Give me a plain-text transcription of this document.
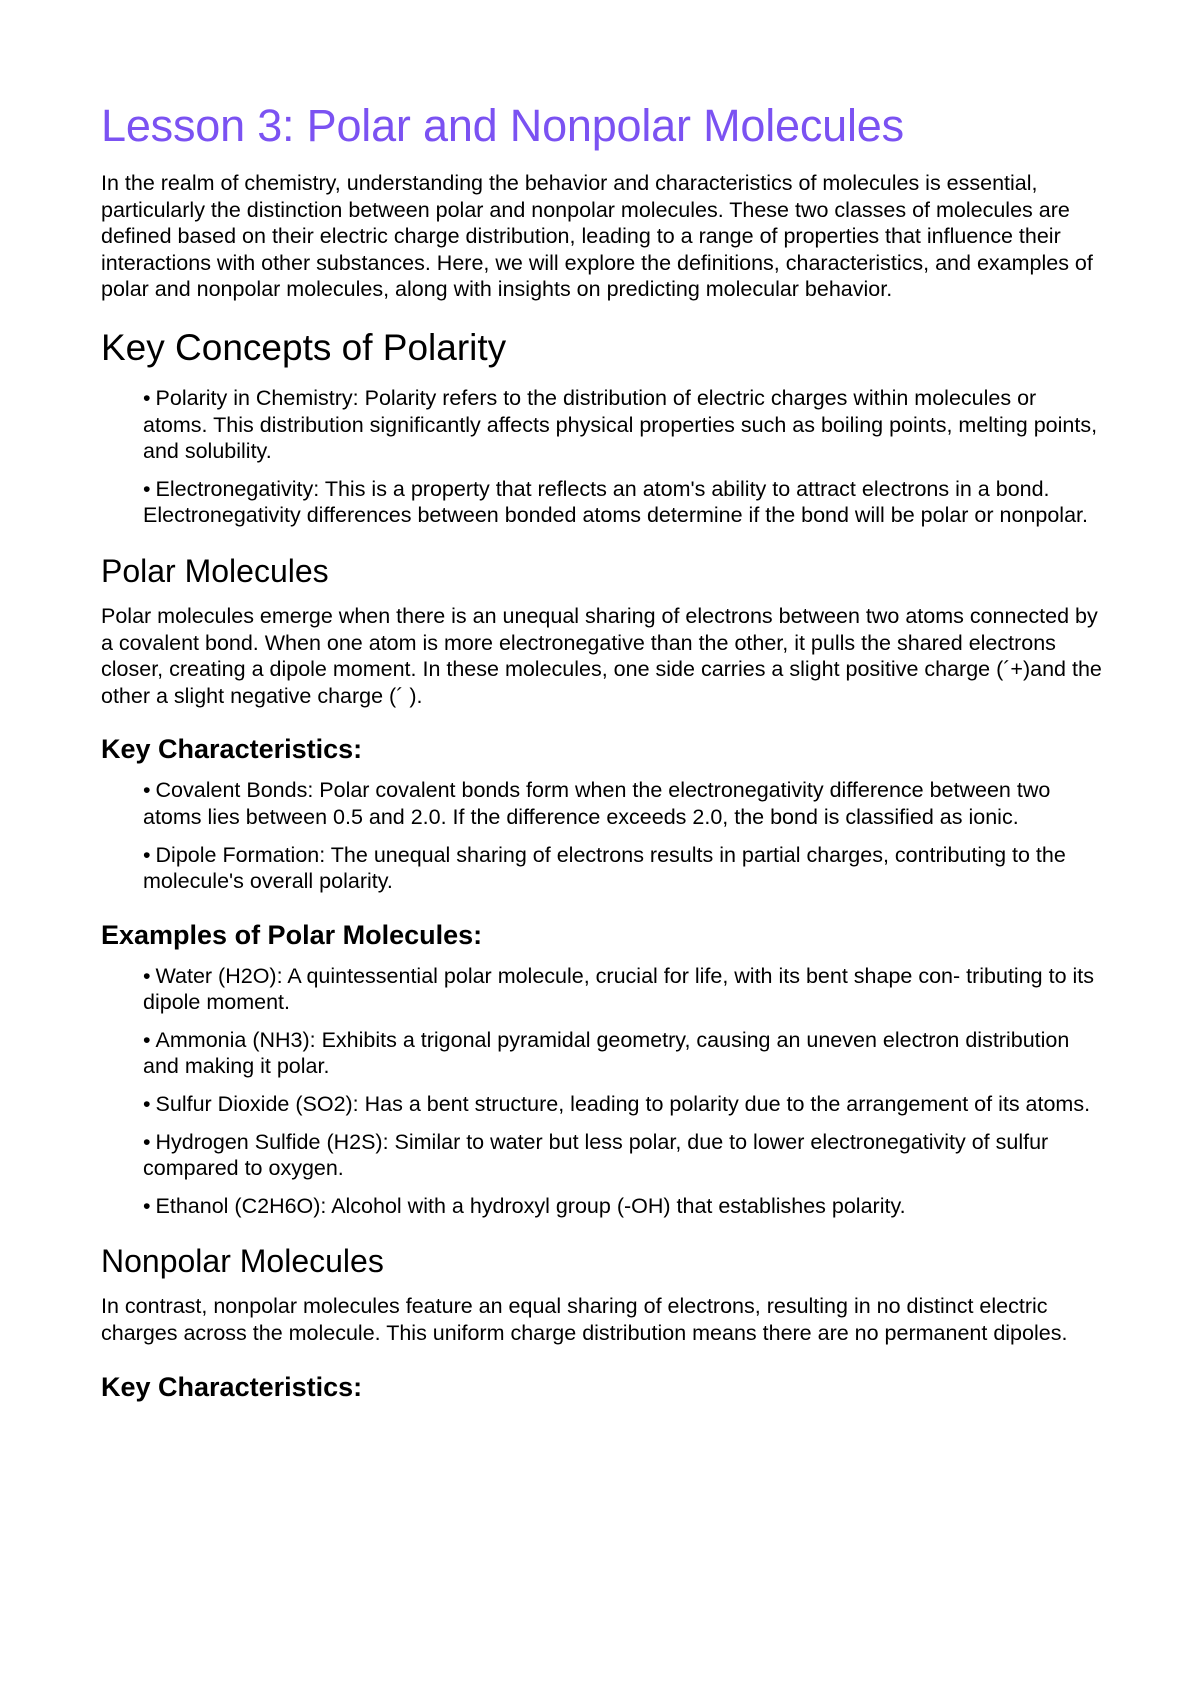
Lesson 3: Polar and Nonpolar Molecules

In the realm of chemistry, understanding the behavior and characteristics of molecules is essential, particularly the distinction between polar and nonpolar molecules. These two classes of molecules are defined based on their electric charge distribution, leading to a range of properties that influence their interactions with other substances. Here, we will explore the definitions, characteristics, and examples of polar and nonpolar molecules, along with insights on predicting molecular behavior.

Key Concepts of Polarity
• Polarity in Chemistry: Polarity refers to the distribution of electric charges within molecules or atoms. This distribution significantly affects physical properties such as boiling points, melting points, and solubility.
• Electronegativity: This is a property that reflects an atom's ability to attract electrons in a bond. Electronegativity differences between bonded atoms determine if the bond will be polar or nonpolar.
Polar Molecules

Polar molecules emerge when there is an unequal sharing of electrons between two atoms connected by a covalent bond. When one atom is more electronegative than the other, it pulls the shared electrons closer, creating a dipole moment. In these molecules, one side carries a slight positive charge (´+)and the other a slight negative charge (´ ).

Key Characteristics:
• Covalent Bonds: Polar covalent bonds form when the electronegativity difference between two atoms lies between 0.5 and 2.0. If the difference exceeds 2.0, the bond is classified as ionic.
• Dipole Formation: The unequal sharing of electrons results in partial charges, contributing to the molecule's overall polarity.
Examples of Polar Molecules:
• Water (H2O): A quintessential polar molecule, crucial for life, with its bent shape con- tributing to its dipole moment.
• Ammonia (NH3): Exhibits a trigonal pyramidal geometry, causing an uneven electron distribution and making it polar.
• Sulfur Dioxide (SO2): Has a bent structure, leading to polarity due to the arrangement of its atoms.
• Hydrogen Sulfide (H2S): Similar to water but less polar, due to lower electronegativity of sulfur compared to oxygen.
• Ethanol (C2H6O): Alcohol with a hydroxyl group (-OH) that establishes polarity.
Nonpolar Molecules

In contrast, nonpolar molecules feature an equal sharing of electrons, resulting in no distinct electric charges across the molecule. This uniform charge distribution means there are no permanent dipoles.

Key Characteristics:
